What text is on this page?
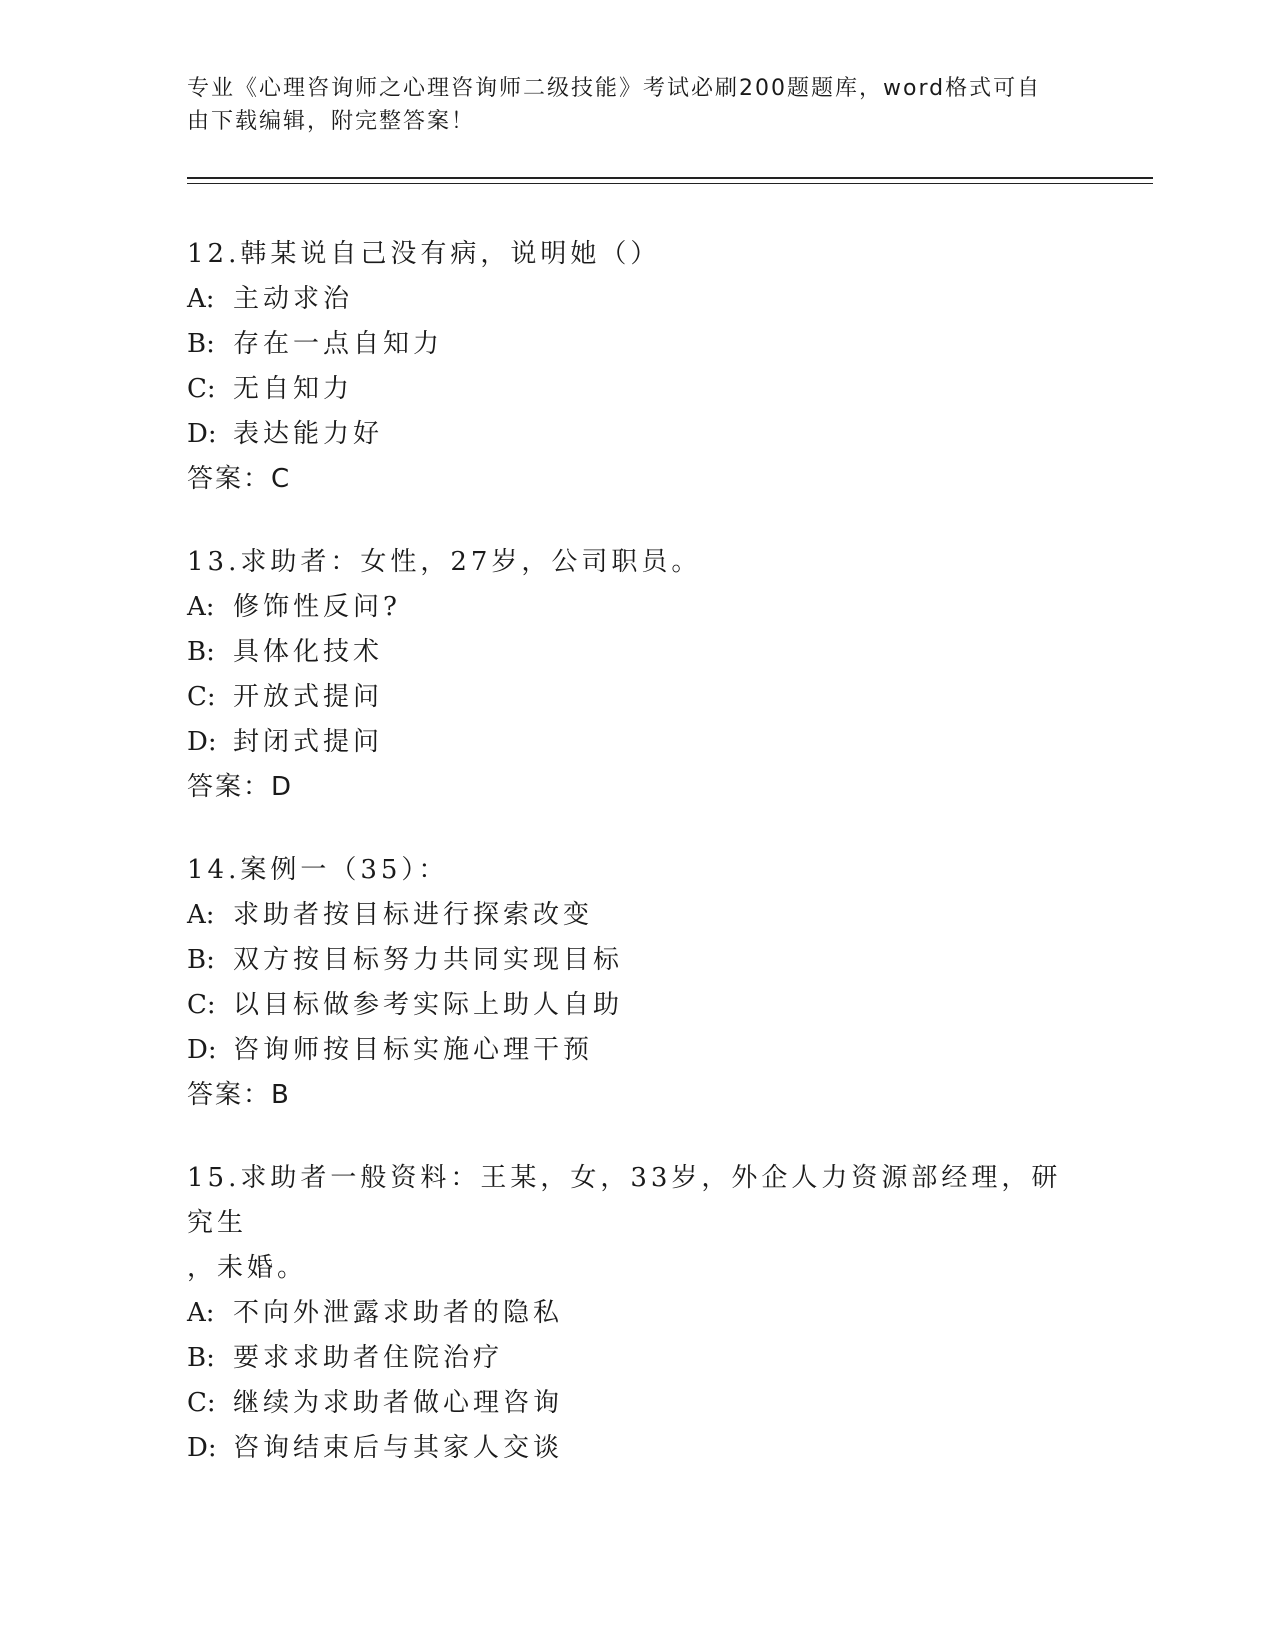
专业《心理咨询师之心理咨询师二级技能》考试必刷200题题库，word格式可自
由下载编辑，附完整答案！
12.韩某说自己没有病，说明她（）
A: 主动求治
B: 存在一点自知力
C: 无自知力
D: 表达能力好
答案：C
13.求助者：女性，27岁，公司职员。
A: 修饰性反问?
B: 具体化技术
C: 开放式提问
D: 封闭式提问
答案：D
14.案例一（35）：
A: 求助者按目标进行探索改变
B: 双方按目标努力共同实现目标
C: 以目标做参考实际上助人自助
D: 咨询师按目标实施心理干预
答案：B
15.求助者一般资料：王某，女，33岁，外企人力资源部经理，研究生
，未婚。
A: 不向外泄露求助者的隐私
B: 要求求助者住院治疗
C: 继续为求助者做心理咨询
D: 咨询结束后与其家人交谈
